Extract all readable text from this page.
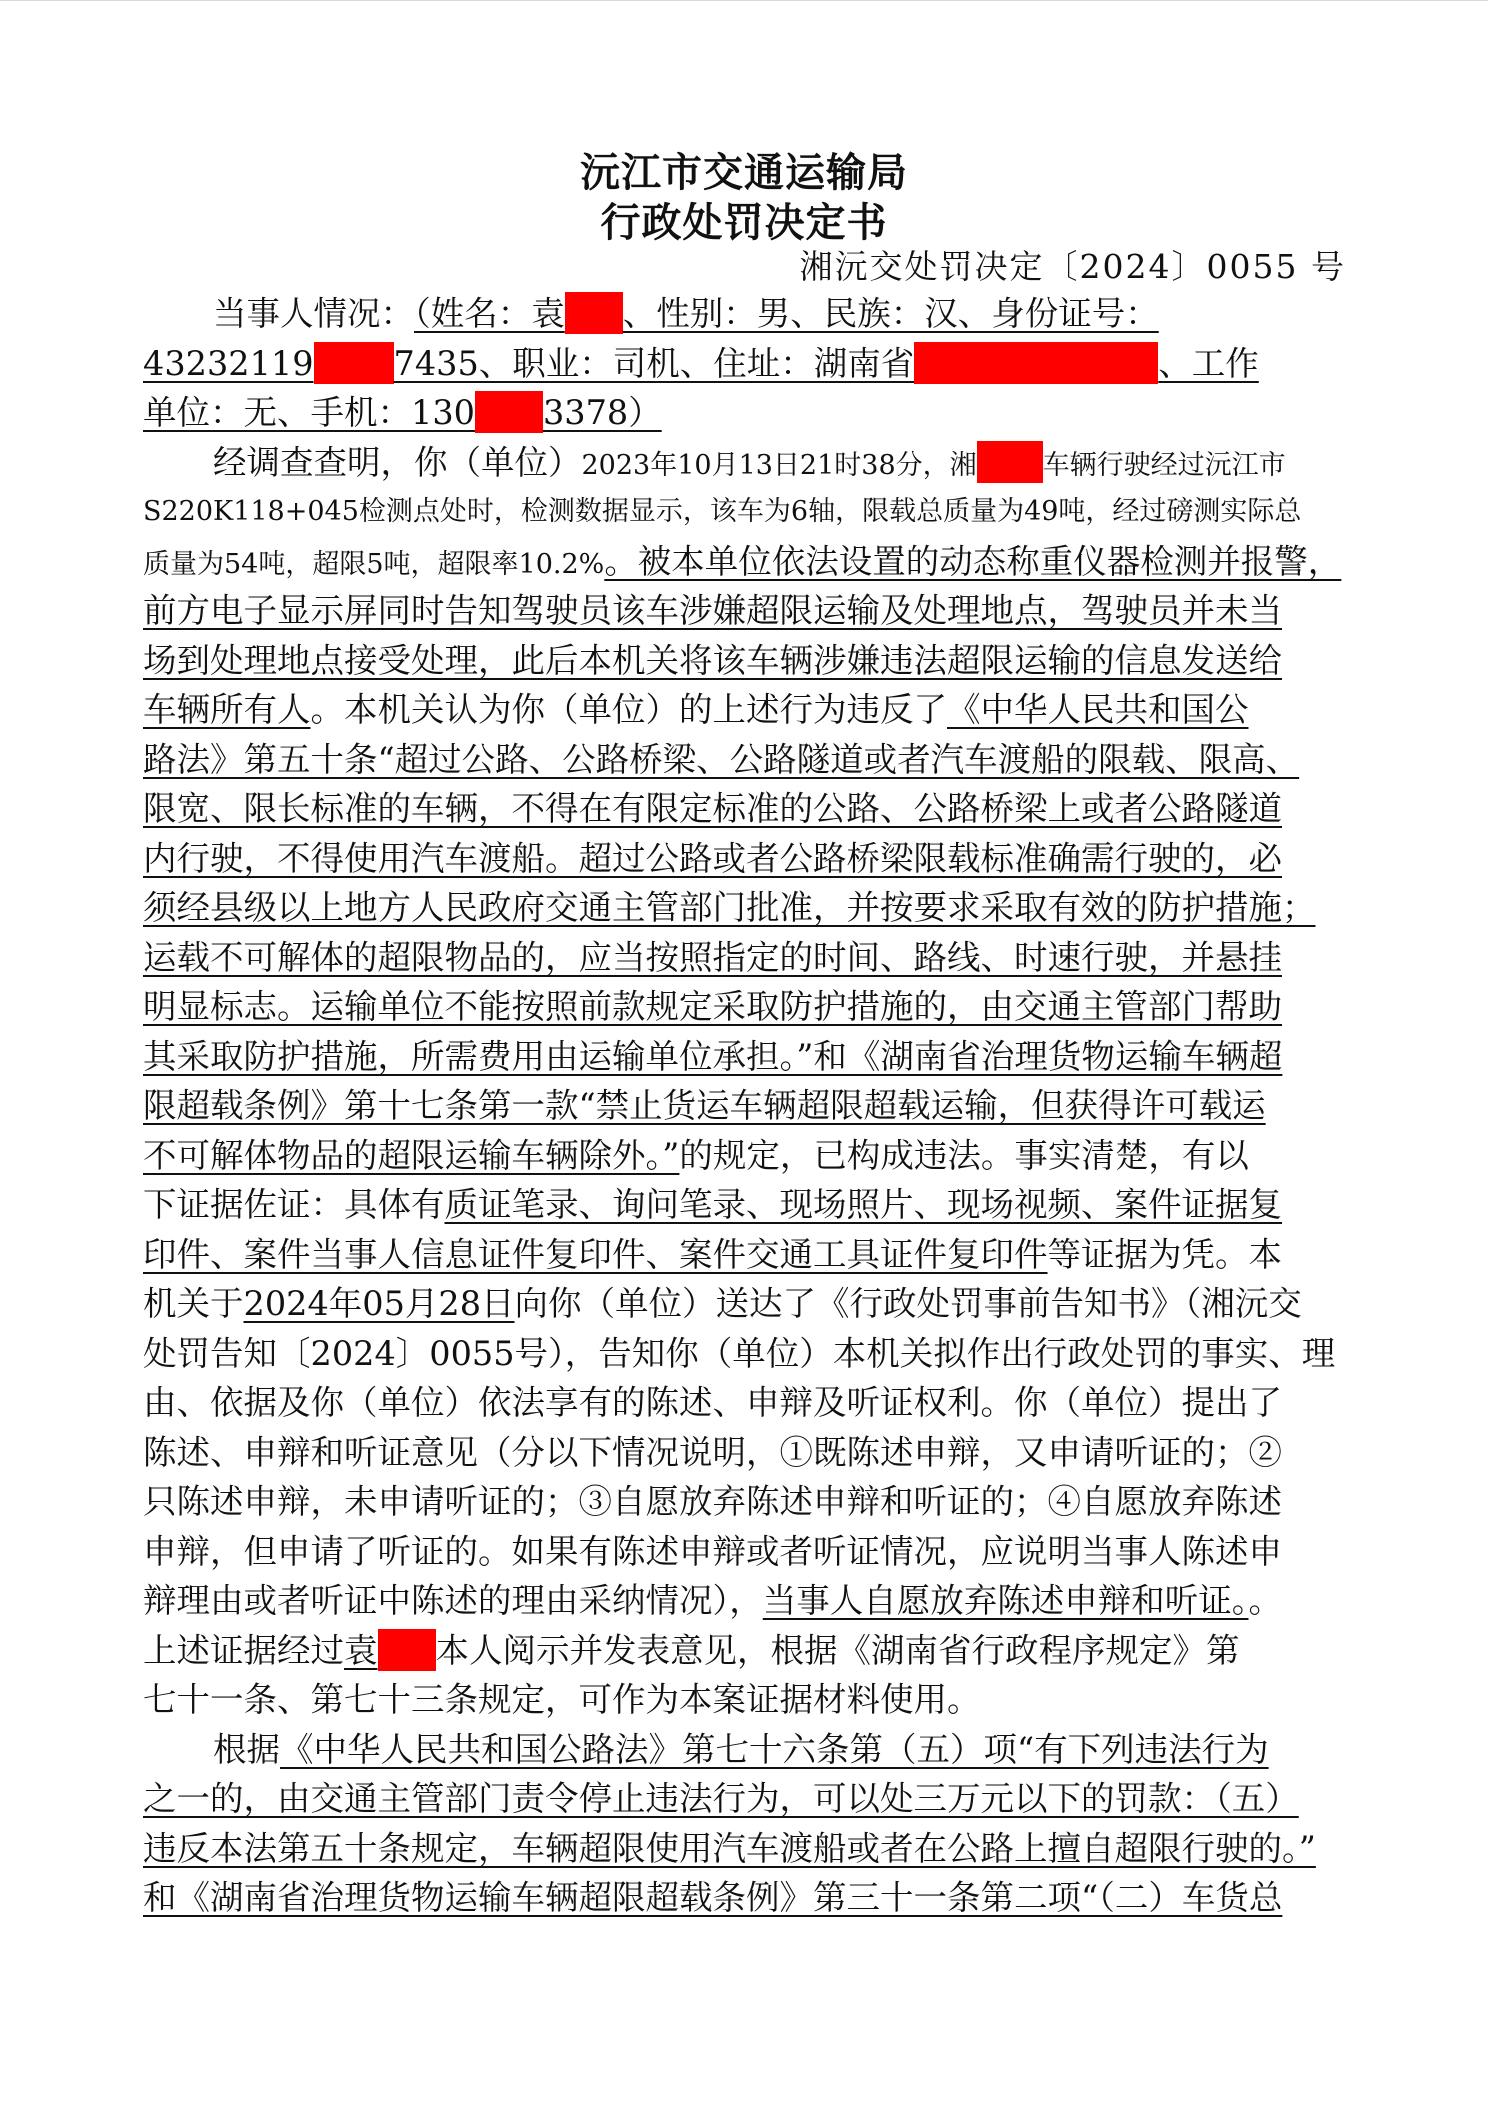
沅江市交通运输局
行政处罚决定书
湘沅交处罚决定〔2024〕0055 号
当事人情况：（姓名：袁 、性别：男、民族：汉、身份证号：
43232119 7435、职业：司机、住址：湖南省	、工作
单位：无、手机：130 3378）
经调查查明，你（单位）2023年10月13日21时38分，湘 车辆行驶经过沅江市
S220K118+045检测点处时，检测数据显示，该车为6轴，限载总质量为49吨，经过磅测实际总
质量为54吨，超限5吨，超限率10.2%。被本单位依法设置的动态称重仪器检测并报警，
前方电子显示屏同时告知驾驶员该车涉嫌超限运输及处理地点，驾驶员并未当
场到处理地点接受处理，此后本机关将该车辆涉嫌违法超限运输的信息发送给
车辆所有人。本机关认为你（单位）的上述行为违反了《中华人民共和国公
路法》第五十条“超过公路、公路桥梁、公路隧道或者汽车渡船的限载、限高、
限宽、限长标准的车辆，不得在有限定标准的公路、公路桥梁上或者公路隧道
内行驶，不得使用汽车渡船。超过公路或者公路桥梁限载标准确需行驶的，必
须经县级以上地方人民政府交通主管部门批准，并按要求采取有效的防护措施；
运载不可解体的超限物品的，应当按照指定的时间、路线、时速行驶，并悬挂
明显标志。运输单位不能按照前款规定采取防护措施的，由交通主管部门帮助
其采取防护措施，所需费用由运输单位承担。”和《湖南省治理货物运输车辆超
限超载条例》第十七条第一款“禁止货运车辆超限超载运输，但获得许可载运
不可解体物品的超限运输车辆除外。”的规定，已构成违法。事实清楚，有以
下证据佐证：具体有质证笔录、询问笔录、现场照片、现场视频、案件证据复
印件、案件当事人信息证件复印件、案件交通工具证件复印件等证据为凭。本
机关于2024年05月28日向你（单位）送达了《行政处罚事前告知书》（湘沅交
处罚告知〔2024〕0055号），告知你（单位）本机关拟作出行政处罚的事实、理
由、依据及你（单位）依法享有的陈述、申辩及听证权利。你（单位）提出了
陈述、申辩和听证意见（分以下情况说明，①既陈述申辩，又申请听证的；②
只陈述申辩，未申请听证的；③自愿放弃陈述申辩和听证的；④自愿放弃陈述
申辩，但申请了听证的。如果有陈述申辩或者听证情况，应说明当事人陈述申
辩理由或者听证中陈述的理由采纳情况），当事人自愿放弃陈述申辩和听证。。
上述证据经过袁 本人阅示并发表意见，根据《湖南省行政程序规定》第
七十一条、第七十三条规定，可作为本案证据材料使用。
根据《中华人民共和国公路法》第七十六条第（五）项“有下列违法行为
之一的，由交通主管部门责令停止违法行为，可以处三万元以下的罚款：（五）
违反本法第五十条规定，车辆超限使用汽车渡船或者在公路上擅自超限行驶的。”
和《湖南省治理货物运输车辆超限超载条例》第三十一条第二项“（二）车货总
